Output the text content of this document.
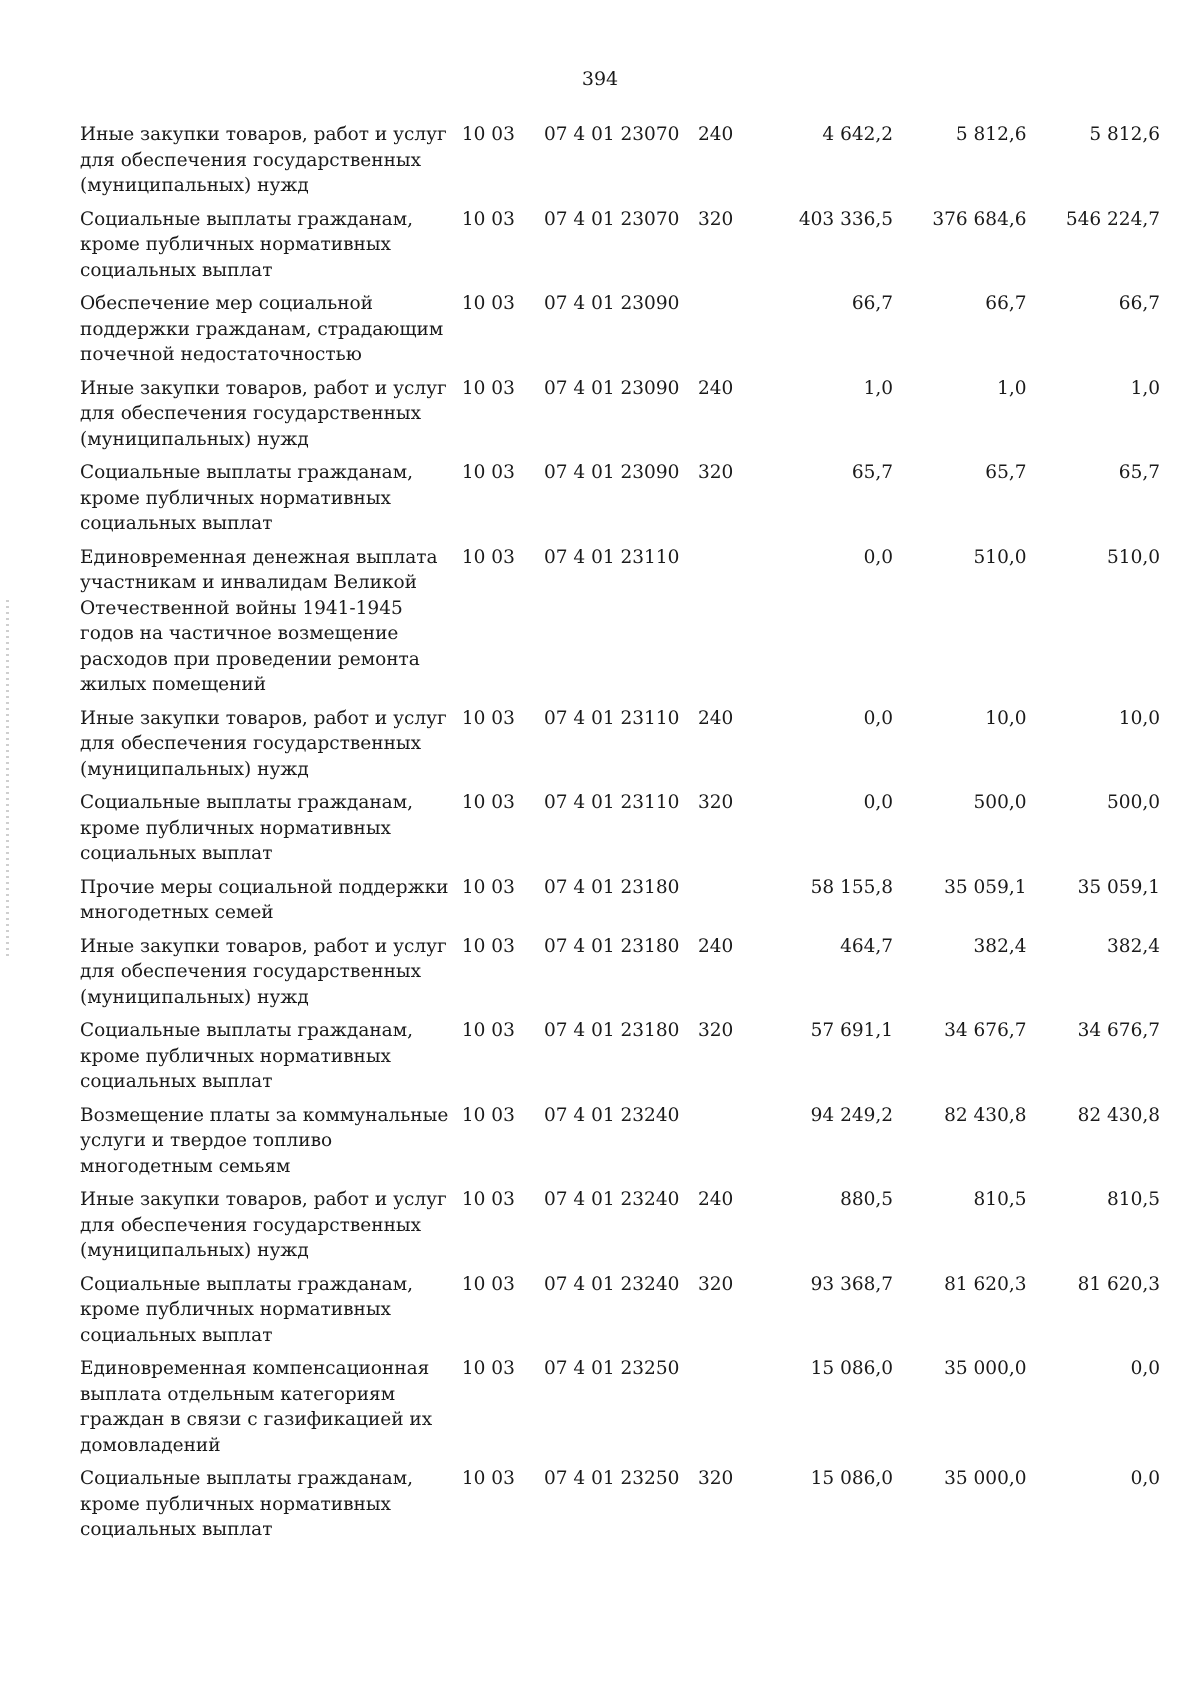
394
Иные закупки товаров, работ и услуг для обеспечения государственных (муниципальных) нужд	10 03	07 4 01 23070	240	4 642,2	5 812,6	5 812,6
Социальные выплаты гражданам, кроме публичных нормативных социальных выплат	10 03	07 4 01 23070	320	403 336,5	376 684,6	546 224,7
Обеспечение мер социальной поддержки гражданам, страдающим почечной недостаточностью	10 03	07 4 01 23090		66,7	66,7	66,7
Иные закупки товаров, работ и услуг для обеспечения государственных (муниципальных) нужд	10 03	07 4 01 23090	240	1,0	1,0	1,0
Социальные выплаты гражданам, кроме публичных нормативных социальных выплат	10 03	07 4 01 23090	320	65,7	65,7	65,7
Единовременная денежная выплата участникам и инвалидам Великой Отечественной войны 1941-1945 годов на частичное возмещение расходов при проведении ремонта жилых помещений	10 03	07 4 01 23110		0,0	510,0	510,0
Иные закупки товаров, работ и услуг для обеспечения государственных (муниципальных) нужд	10 03	07 4 01 23110	240	0,0	10,0	10,0
Социальные выплаты гражданам, кроме публичных нормативных социальных выплат	10 03	07 4 01 23110	320	0,0	500,0	500,0
Прочие меры социальной поддержки многодетных семей	10 03	07 4 01 23180		58 155,8	35 059,1	35 059,1
Иные закупки товаров, работ и услуг для обеспечения государственных (муниципальных) нужд	10 03	07 4 01 23180	240	464,7	382,4	382,4
Социальные выплаты гражданам, кроме публичных нормативных социальных выплат	10 03	07 4 01 23180	320	57 691,1	34 676,7	34 676,7
Возмещение платы за коммунальные услуги и твердое топливо многодетным семьям	10 03	07 4 01 23240		94 249,2	82 430,8	82 430,8
Иные закупки товаров, работ и услуг для обеспечения государственных (муниципальных) нужд	10 03	07 4 01 23240	240	880,5	810,5	810,5
Социальные выплаты гражданам, кроме публичных нормативных социальных выплат	10 03	07 4 01 23240	320	93 368,7	81 620,3	81 620,3
Единовременная компенсационная выплата отдельным категориям граждан в связи с газификацией их домовладений	10 03	07 4 01 23250		15 086,0	35 000,0	0,0
Социальные выплаты гражданам, кроме публичных нормативных социальных выплат	10 03	07 4 01 23250	320	15 086,0	35 000,0	0,0
